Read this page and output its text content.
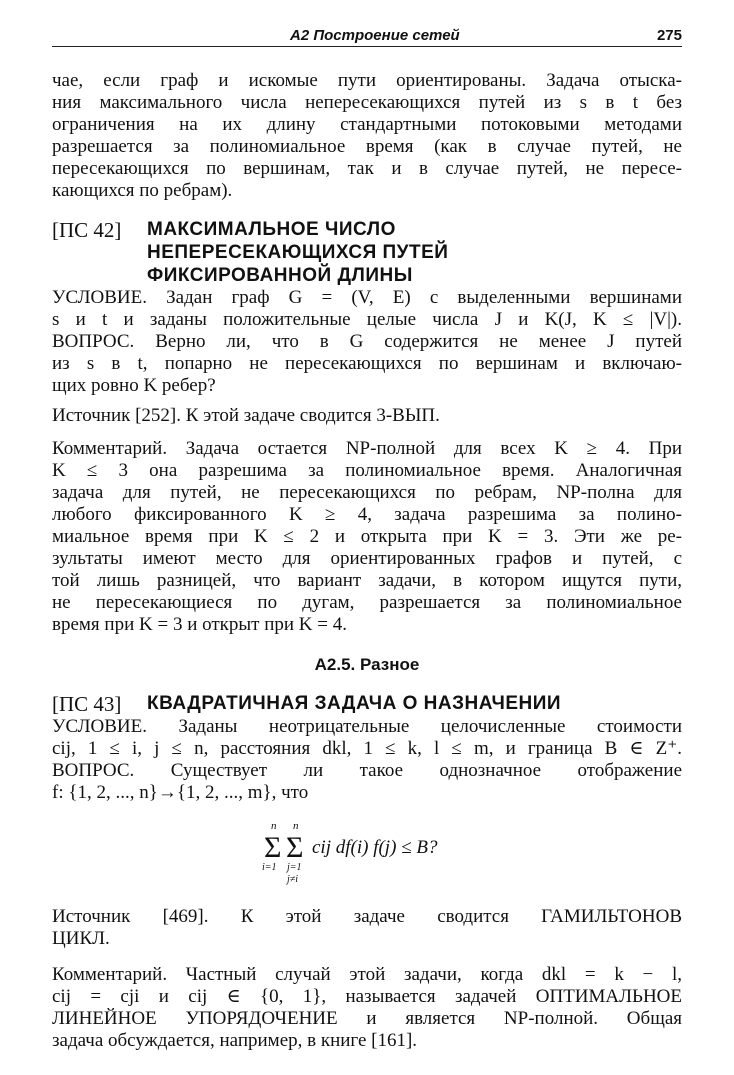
А2 Построение сетей	275
чае, если граф и искомые пути ориентированы. Задача отыска-
ния максимального числа непересекающихся путей из s в t без
ограничения на их длину стандартными потоковыми методами
разрешается за полиномиальное время (как в случае путей, не
пересекающихся по вершинам, так и в случае путей, не пересе-
кающихся по ребрам).
[ПС 42] МАКСИМАЛЬНОЕ ЧИСЛО
НЕПЕРЕСЕКАЮЩИХСЯ ПУТЕЙ
ФИКСИРОВАННОЙ ДЛИНЫ
УСЛОВИЕ. Задан граф G = (V, E) с выделенными вершинами
s и t и заданы положительные целые числа J и K(J, K ≤ |V|).
ВОПРОС. Верно ли, что в G содержится не менее J путей
из s в t, попарно не пересекающихся по вершинам и включаю-
щих ровно K ребер?
Источник [252]. К этой задаче сводится 3-ВЫП.
Комментарий. Задача остается NP-полной для всех K ≥ 4. При
K ≤ 3 она разрешима за полиномиальное время. Аналогичная
задача для путей, не пересекающихся по ребрам, NP-полна для
любого фиксированного K ≥ 4, задача разрешима за полино-
миальное время при K ≤ 2 и открыта при K = 3. Эти же ре-
зультаты имеют место для ориентированных графов и путей, с
той лишь разницей, что вариант задачи, в котором ищутся пути,
не пересекающиеся по дугам, разрешается за полиномиальное
время при K = 3 и открыт при K = 4.
А2.5. Разное
[ПС 43] КВАДРАТИЧНАЯ ЗАДАЧА О НАЗНАЧЕНИИ
УСЛОВИЕ. Заданы неотрицательные целочисленные стоимости
cij, 1 ≤ i, j ≤ n, расстояния dkl, 1 ≤ k, l ≤ m, и граница B ∈ Z⁺.
ВОПРОС. Существует ли такое однозначное отображение
f: {1, 2, ..., n}→{1, 2, ..., m}, что
n n
Σ Σ
i=1 j=1
j≠i
cij df(i) f(j) ≤ B?
Источник [469]. К этой задаче сводится ГАМИЛЬТОНОВ
ЦИКЛ.
Комментарий. Частный случай этой задачи, когда dkl = k − l,
cij = cji и cij ∈ {0, 1}, называется задачей ОПТИМАЛЬНОЕ
ЛИНЕЙНОЕ УПОРЯДОЧЕНИЕ и является NP-полной. Общая
задача обсуждается, например, в книге [161].
